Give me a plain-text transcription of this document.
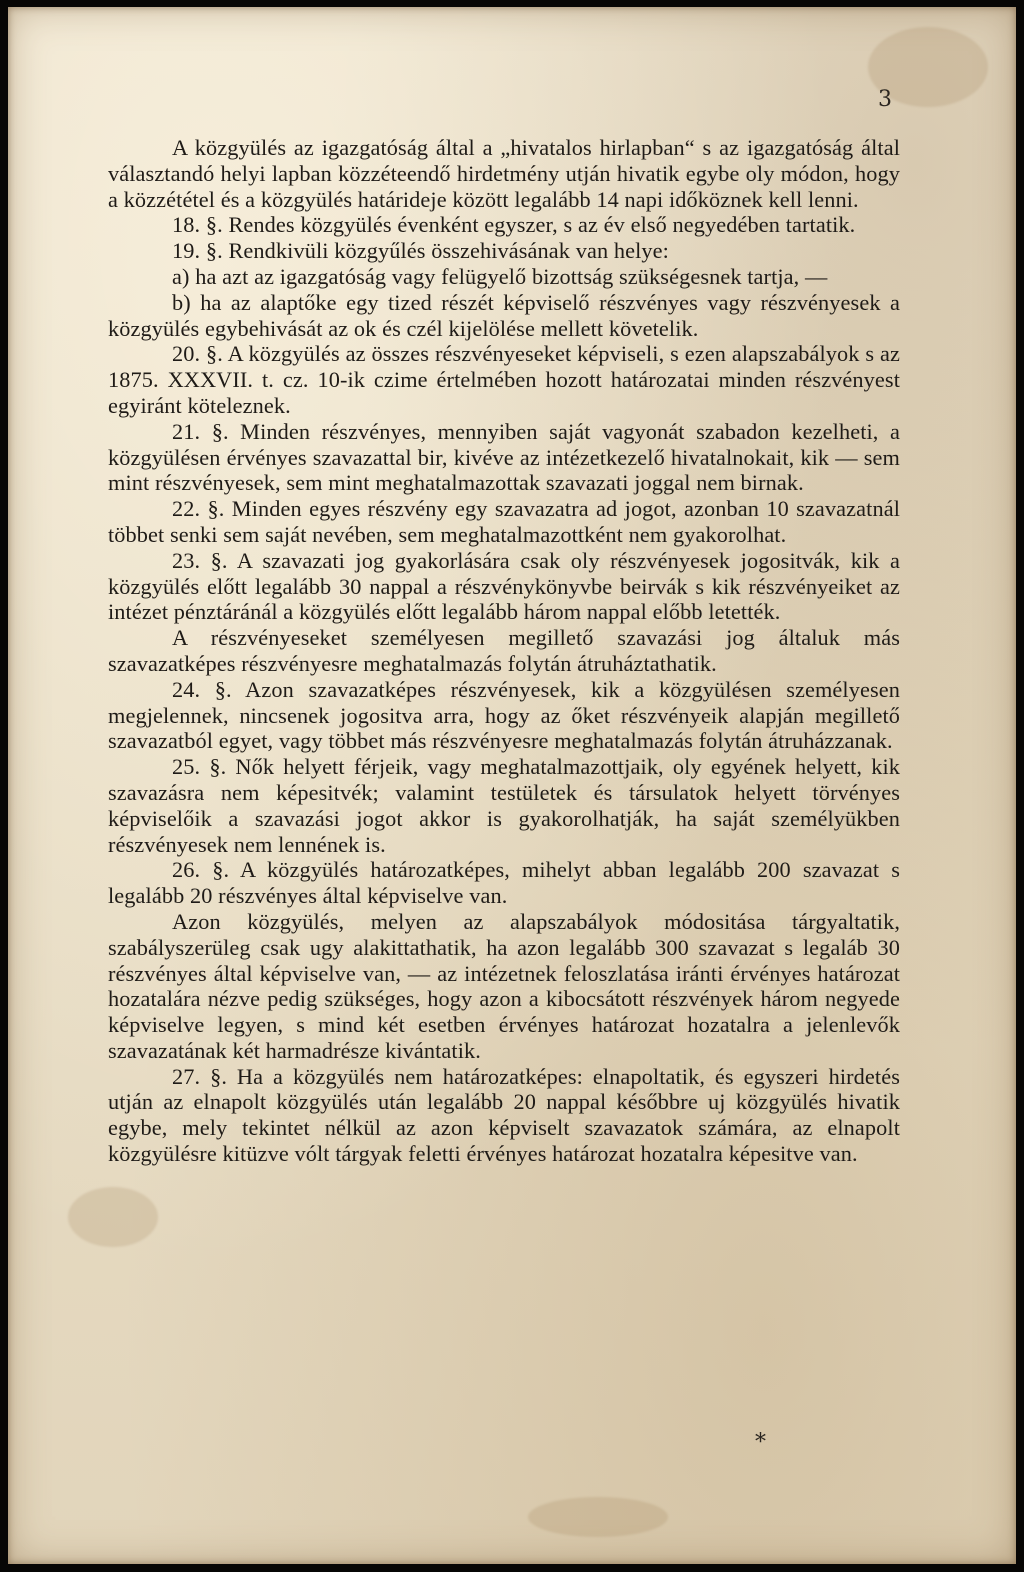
3

A közgyülés az igazgatóság által a „hivatalos hirlapban“ s az igazgatóság által választandó helyi lapban közzéteendő hirdetmény utján hivatik egybe oly módon, hogy a közzététel és a közgyülés határideje között legalább 14 napi időköznek kell lenni.

18. §. Rendes közgyülés évenként egyszer, s az év első negyedében tartatik.

19. §. Rendkivüli közgyűlés összehivásának van helye:

a) ha azt az igazgatóság vagy felügyelő bizottság szükségesnek tartja, —

b) ha az alaptőke egy tized részét képviselő részvényes vagy részvényesek a közgyülés egybehivását az ok és czél kijelölése mellett követelik.

20. §. A közgyülés az összes részvényeseket képviseli, s ezen alapszabályok s az 1875. XXXVII. t. cz. 10-ik czime értelmében hozott határozatai minden részvényest egyiránt köteleznek.

21. §. Minden részvényes, mennyiben saját vagyonát szabadon kezelheti, a közgyülésen érvényes szavazattal bir, kivéve az intézetkezelő hivatalnokait, kik — sem mint részvényesek, sem mint meghatalmazottak szavazati joggal nem birnak.

22. §. Minden egyes részvény egy szavazatra ad jogot, azonban 10 szavazatnál többet senki sem saját nevében, sem meghatalmazottként nem gyakorolhat.

23. §. A szavazati jog gyakorlására csak oly részvényesek jogositvák, kik a közgyülés előtt legalább 30 nappal a részvénykönyvbe beirvák s kik részvényeiket az intézet pénztáránál a közgyülés előtt legalább három nappal előbb letették.

A részvényeseket személyesen megillető szavazási jog általuk más szavazatképes részvényesre meghatalmazás folytán átruháztathatik.

24. §. Azon szavazatképes részvényesek, kik a közgyülésen személyesen megjelennek, nincsenek jogositva arra, hogy az őket részvényeik alapján megillető szavazatból egyet, vagy többet más részvényesre meghatalmazás folytán átruházzanak.

25. §. Nők helyett férjeik, vagy meghatalmazottjaik, oly egyének helyett, kik szavazásra nem képesitvék; valamint testületek és társulatok helyett törvényes képviselőik a szavazási jogot akkor is gyakorolhatják, ha saját személyükben részvényesek nem lennének is.

26. §. A közgyülés határozatképes, mihelyt abban legalább 200 szavazat s legalább 20 részvényes által képviselve van.

Azon közgyülés, melyen az alapszabályok módositása tárgyaltatik, szabályszerüleg csak ugy alakittathatik, ha azon legalább 300 szavazat s legaláb 30 részvényes által képviselve van, — az intézetnek feloszlatása iránti érvényes határozat hozatalára nézve pedig szükséges, hogy azon a kibocsátott részvények három negyede képviselve legyen, s mind két esetben érvényes határozat hozatalra a jelenlevők szavazatának két harmadrésze kivántatik.

27. §. Ha a közgyülés nem határozatképes: elnapoltatik, és egyszeri hirdetés utján az elnapolt közgyülés után legalább 20 nappal későbbre uj közgyülés hivatik egybe, mely tekintet nélkül az azon képviselt szavazatok számára, az elnapolt közgyülésre kitüzve vólt tárgyak feletti érvényes határozat hozatalra képesitve van.

*
